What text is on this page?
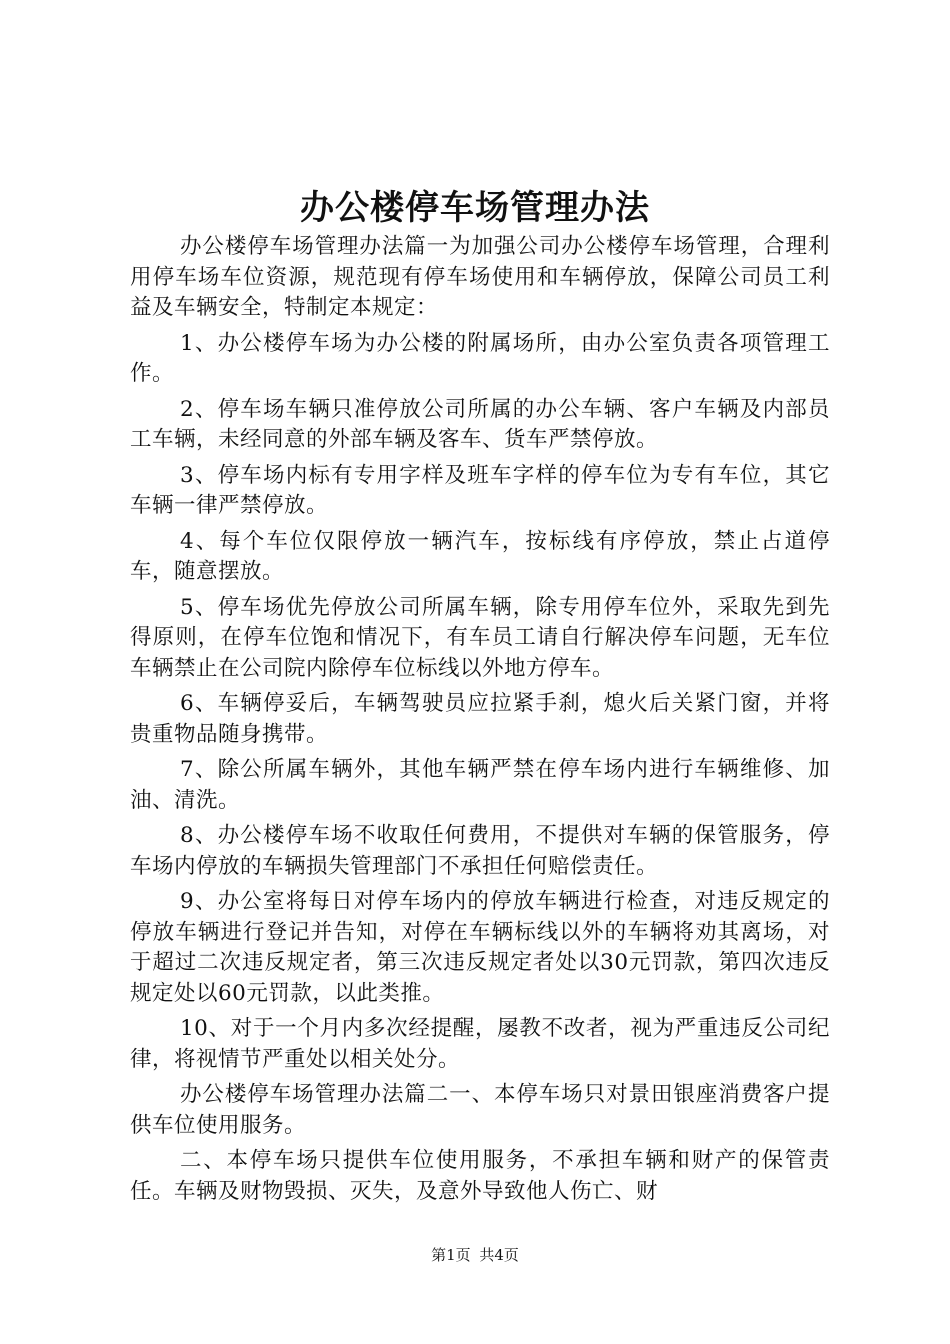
办公楼停车场管理办法

办公楼停车场管理办法篇一为加强公司办公楼停车场管理，合理利用停车场车位资源，规范现有停车场使用和车辆停放，保障公司员工利益及车辆安全，特制定本规定：

1、办公楼停车场为办公楼的附属场所，由办公室负责各项管理工作。

2、停车场车辆只准停放公司所属的办公车辆、客户车辆及内部员工车辆，未经同意的外部车辆及客车、货车严禁停放。

3、停车场内标有专用字样及班车字样的停车位为专有车位，其它车辆一律严禁停放。

4、每个车位仅限停放一辆汽车，按标线有序停放，禁止占道停车，随意摆放。

5、停车场优先停放公司所属车辆，除专用停车位外，采取先到先得原则，在停车位饱和情况下，有车员工请自行解决停车问题，无车位车辆禁止在公司院内除停车位标线以外地方停车。

6、车辆停妥后，车辆驾驶员应拉紧手刹，熄火后关紧门窗，并将贵重物品随身携带。

7、除公所属车辆外，其他车辆严禁在停车场内进行车辆维修、加油、清洗。

8、办公楼停车场不收取任何费用，不提供对车辆的保管服务，停车场内停放的车辆损失管理部门不承担任何赔偿责任。

9、办公室将每日对停车场内的停放车辆进行检查，对违反规定的停放车辆进行登记并告知，对停在车辆标线以外的车辆将劝其离场，对于超过二次违反规定者，第三次违反规定者处以30元罚款，第四次违反规定处以60元罚款，以此类推。

10、对于一个月内多次经提醒，屡教不改者，视为严重违反公司纪律，将视情节严重处以相关处分。

办公楼停车场管理办法篇二一、本停车场只对景田银座消费客户提供车位使用服务。

二、本停车场只提供车位使用服务，不承担车辆和财产的保管责任。车辆及财物毁损、灭失，及意外导致他人伤亡、财

第1页 共4页
